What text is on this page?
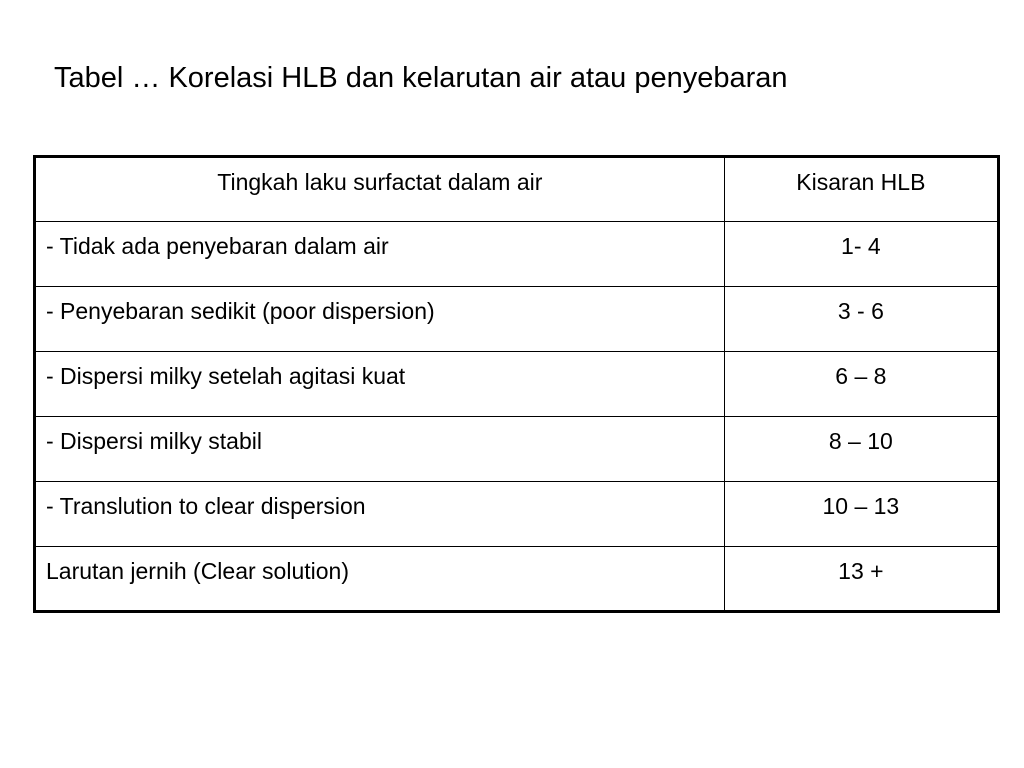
Tabel … Korelasi HLB dan kelarutan air atau penyebaran
Tingkah laku surfactat dalam air	Kisaran HLB
- Tidak ada penyebaran dalam air	1- 4
- Penyebaran sedikit (poor dispersion)	3 - 6
- Dispersi milky setelah agitasi kuat	6 – 8
- Dispersi milky stabil	8 – 10
- Translution to clear dispersion	10 – 13
Larutan jernih (Clear solution)	13 +
